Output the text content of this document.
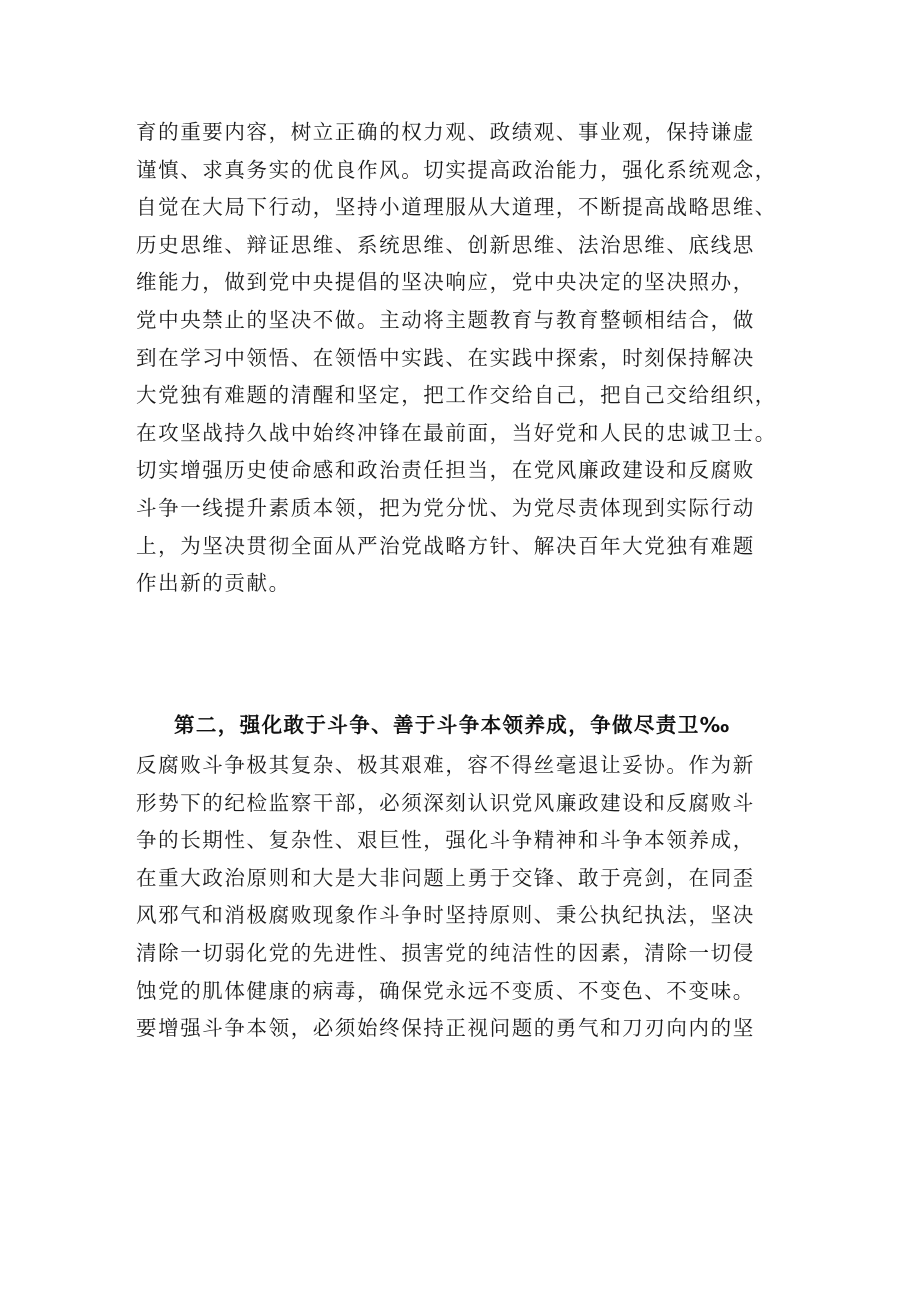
育的重要内容，树立正确的权力观、政绩观、事业观，保持谦虚
谨慎、求真务实的优良作风。切实提高政治能力，强化系统观念，
自觉在大局下行动，坚持小道理服从大道理，不断提高战略思维、
历史思维、辩证思维、系统思维、创新思维、法治思维、底线思
维能力，做到党中央提倡的坚决响应，党中央决定的坚决照办，
党中央禁止的坚决不做。主动将主题教育与教育整顿相结合，做
到在学习中领悟、在领悟中实践、在实践中探索，时刻保持解决
大党独有难题的清醒和坚定，把工作交给自己，把自己交给组织，
在攻坚战持久战中始终冲锋在最前面，当好党和人民的忠诚卫士。
切实增强历史使命感和政治责任担当，在党风廉政建设和反腐败
斗争一线提升素质本领，把为党分忧、为党尽责体现到实际行动
上，为坚决贯彻全面从严治党战略方针、解决百年大党独有难题
作出新的贡献。
第二，强化敢于斗争、善于斗争本领养成，争做尽责卫‰
反腐败斗争极其复杂、极其艰难，容不得丝毫退让妥协。作为新
形势下的纪检监察干部，必须深刻认识党风廉政建设和反腐败斗
争的长期性、复杂性、艰巨性，强化斗争精神和斗争本领养成，
在重大政治原则和大是大非问题上勇于交锋、敢于亮剑，在同歪
风邪气和消极腐败现象作斗争时坚持原则、秉公执纪执法，坚决
清除一切弱化党的先进性、损害党的纯洁性的因素，清除一切侵
蚀党的肌体健康的病毒，确保党永远不变质、不变色、不变味。
要增强斗争本领，必须始终保持正视问题的勇气和刀刃向内的坚
